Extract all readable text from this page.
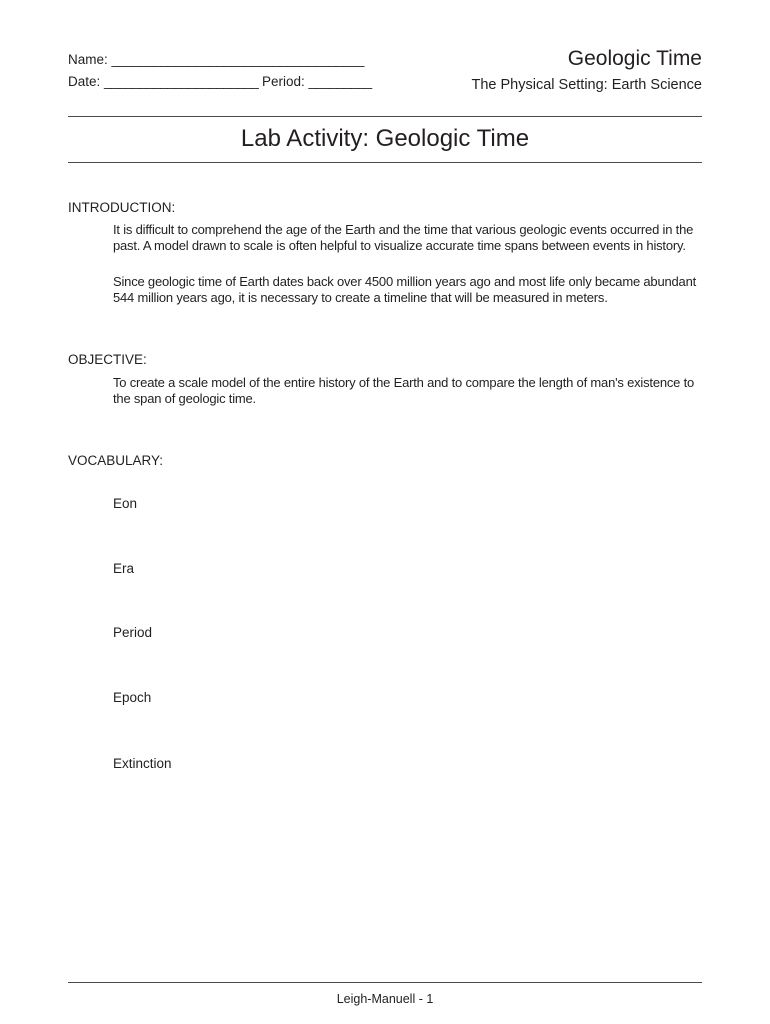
Name: ____________________________________
Date: ______________________ Period: _________
Geologic Time
The Physical Setting: Earth Science
Lab Activity: Geologic Time
INTRODUCTION:
It is difficult to comprehend the age of the Earth and the time that various geologic events occurred in the past. A model drawn to scale is often helpful to visualize accurate time spans between events in history.
Since geologic time of Earth dates back over 4500 million years ago and most life only became abundant 544 million years ago, it is necessary to create a timeline that will be measured in meters.
OBJECTIVE:
To create a scale model of the entire history of the Earth and to compare the length of man's existence to the span of geologic time.
VOCABULARY:
Eon
Era
Period
Epoch
Extinction
Leigh-Manuell - 1
